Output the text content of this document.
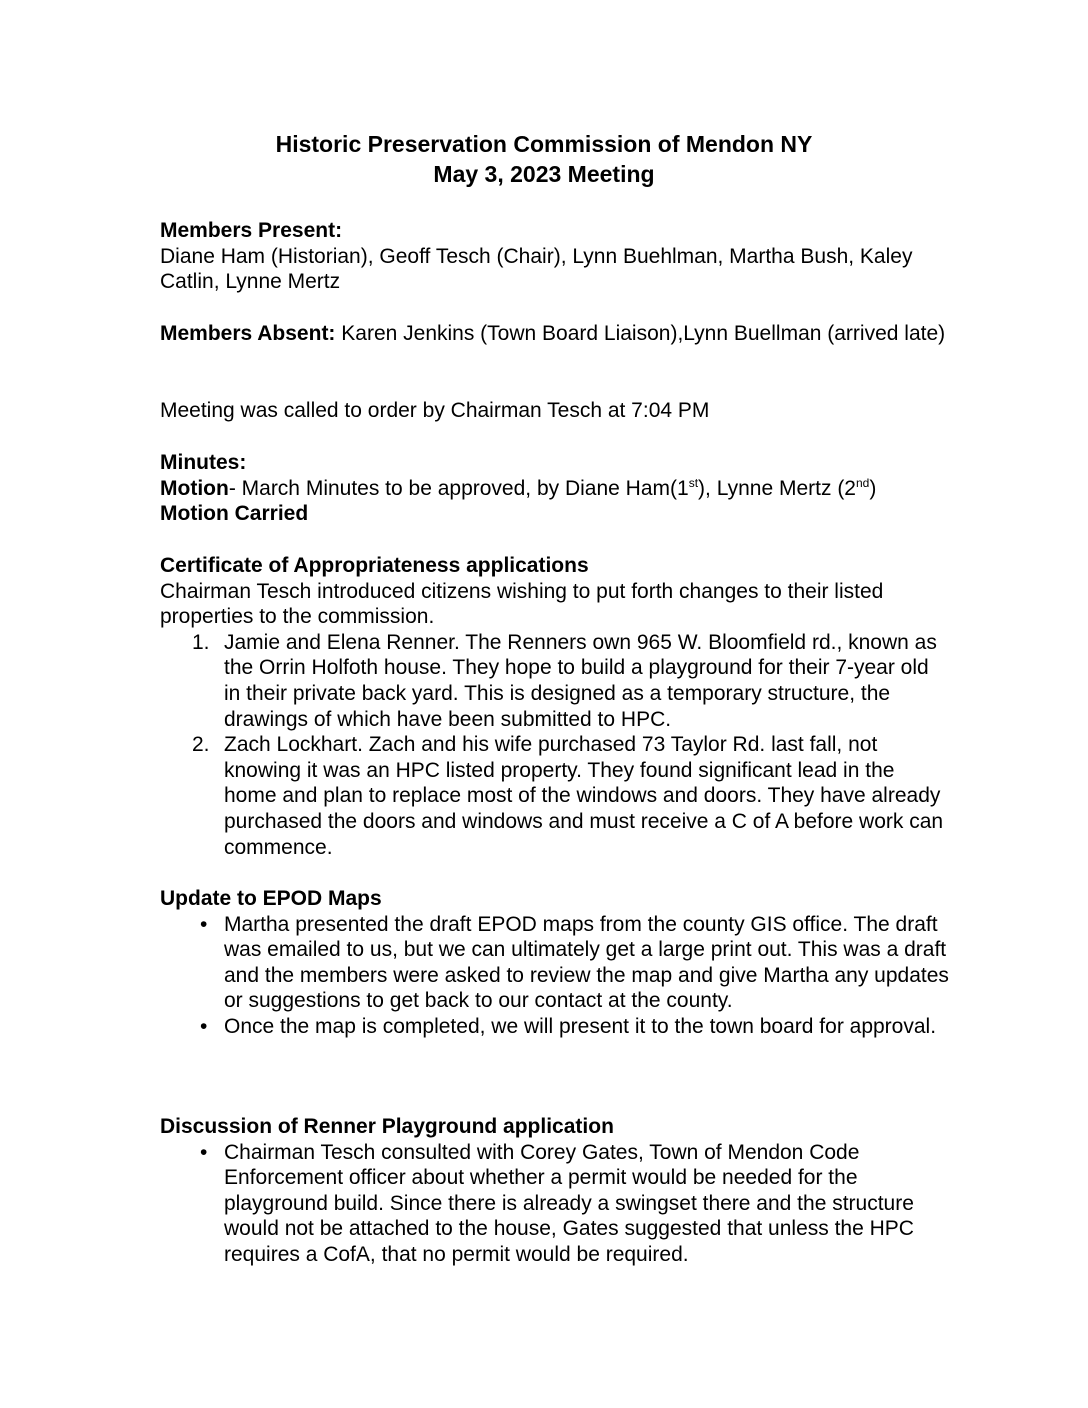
Historic Preservation Commission of Mendon NY
May 3, 2023 Meeting

Members Present:

Diane Ham (Historian), Geoff Tesch (Chair), Lynn Buehlman, Martha Bush, Kaley Catlin, Lynne Mertz

Members Absent: Karen Jenkins (Town Board Liaison),Lynn Buellman (arrived late)

Meeting was called to order by Chairman Tesch at 7:04 PM

Minutes:

Motion- March Minutes to be approved, by Diane Ham(1st), Lynne Mertz (2nd)

Motion Carried

Certificate of Appropriateness applications

Chairman Tesch introduced citizens wishing to put forth changes to their listed properties to the commission.

1. Jamie and Elena Renner. The Renners own 965 W. Bloomfield rd., known as the Orrin Holfoth house. They hope to build a playground for their 7-year old in their private back yard. This is designed as a temporary structure, the drawings of which have been submitted to HPC.
2. Zach Lockhart. Zach and his wife purchased 73 Taylor Rd. last fall, not knowing it was an HPC listed property. They found significant lead in the home and plan to replace most of the windows and doors. They have already purchased the doors and windows and must receive a C of A before work can commence.

Update to EPOD Maps

• Martha presented the draft EPOD maps from the county GIS office. The draft was emailed to us, but we can ultimately get a large print out. This was a draft and the members were asked to review the map and give Martha any updates or suggestions to get back to our contact at the county.
• Once the map is completed, we will present it to the town board for approval.

Discussion of Renner Playground application

• Chairman Tesch consulted with Corey Gates, Town of Mendon Code Enforcement officer about whether a permit would be needed for the playground build. Since there is already a swingset there and the structure would not be attached to the house, Gates suggested that unless the HPC requires a CofA, that no permit would be required.
